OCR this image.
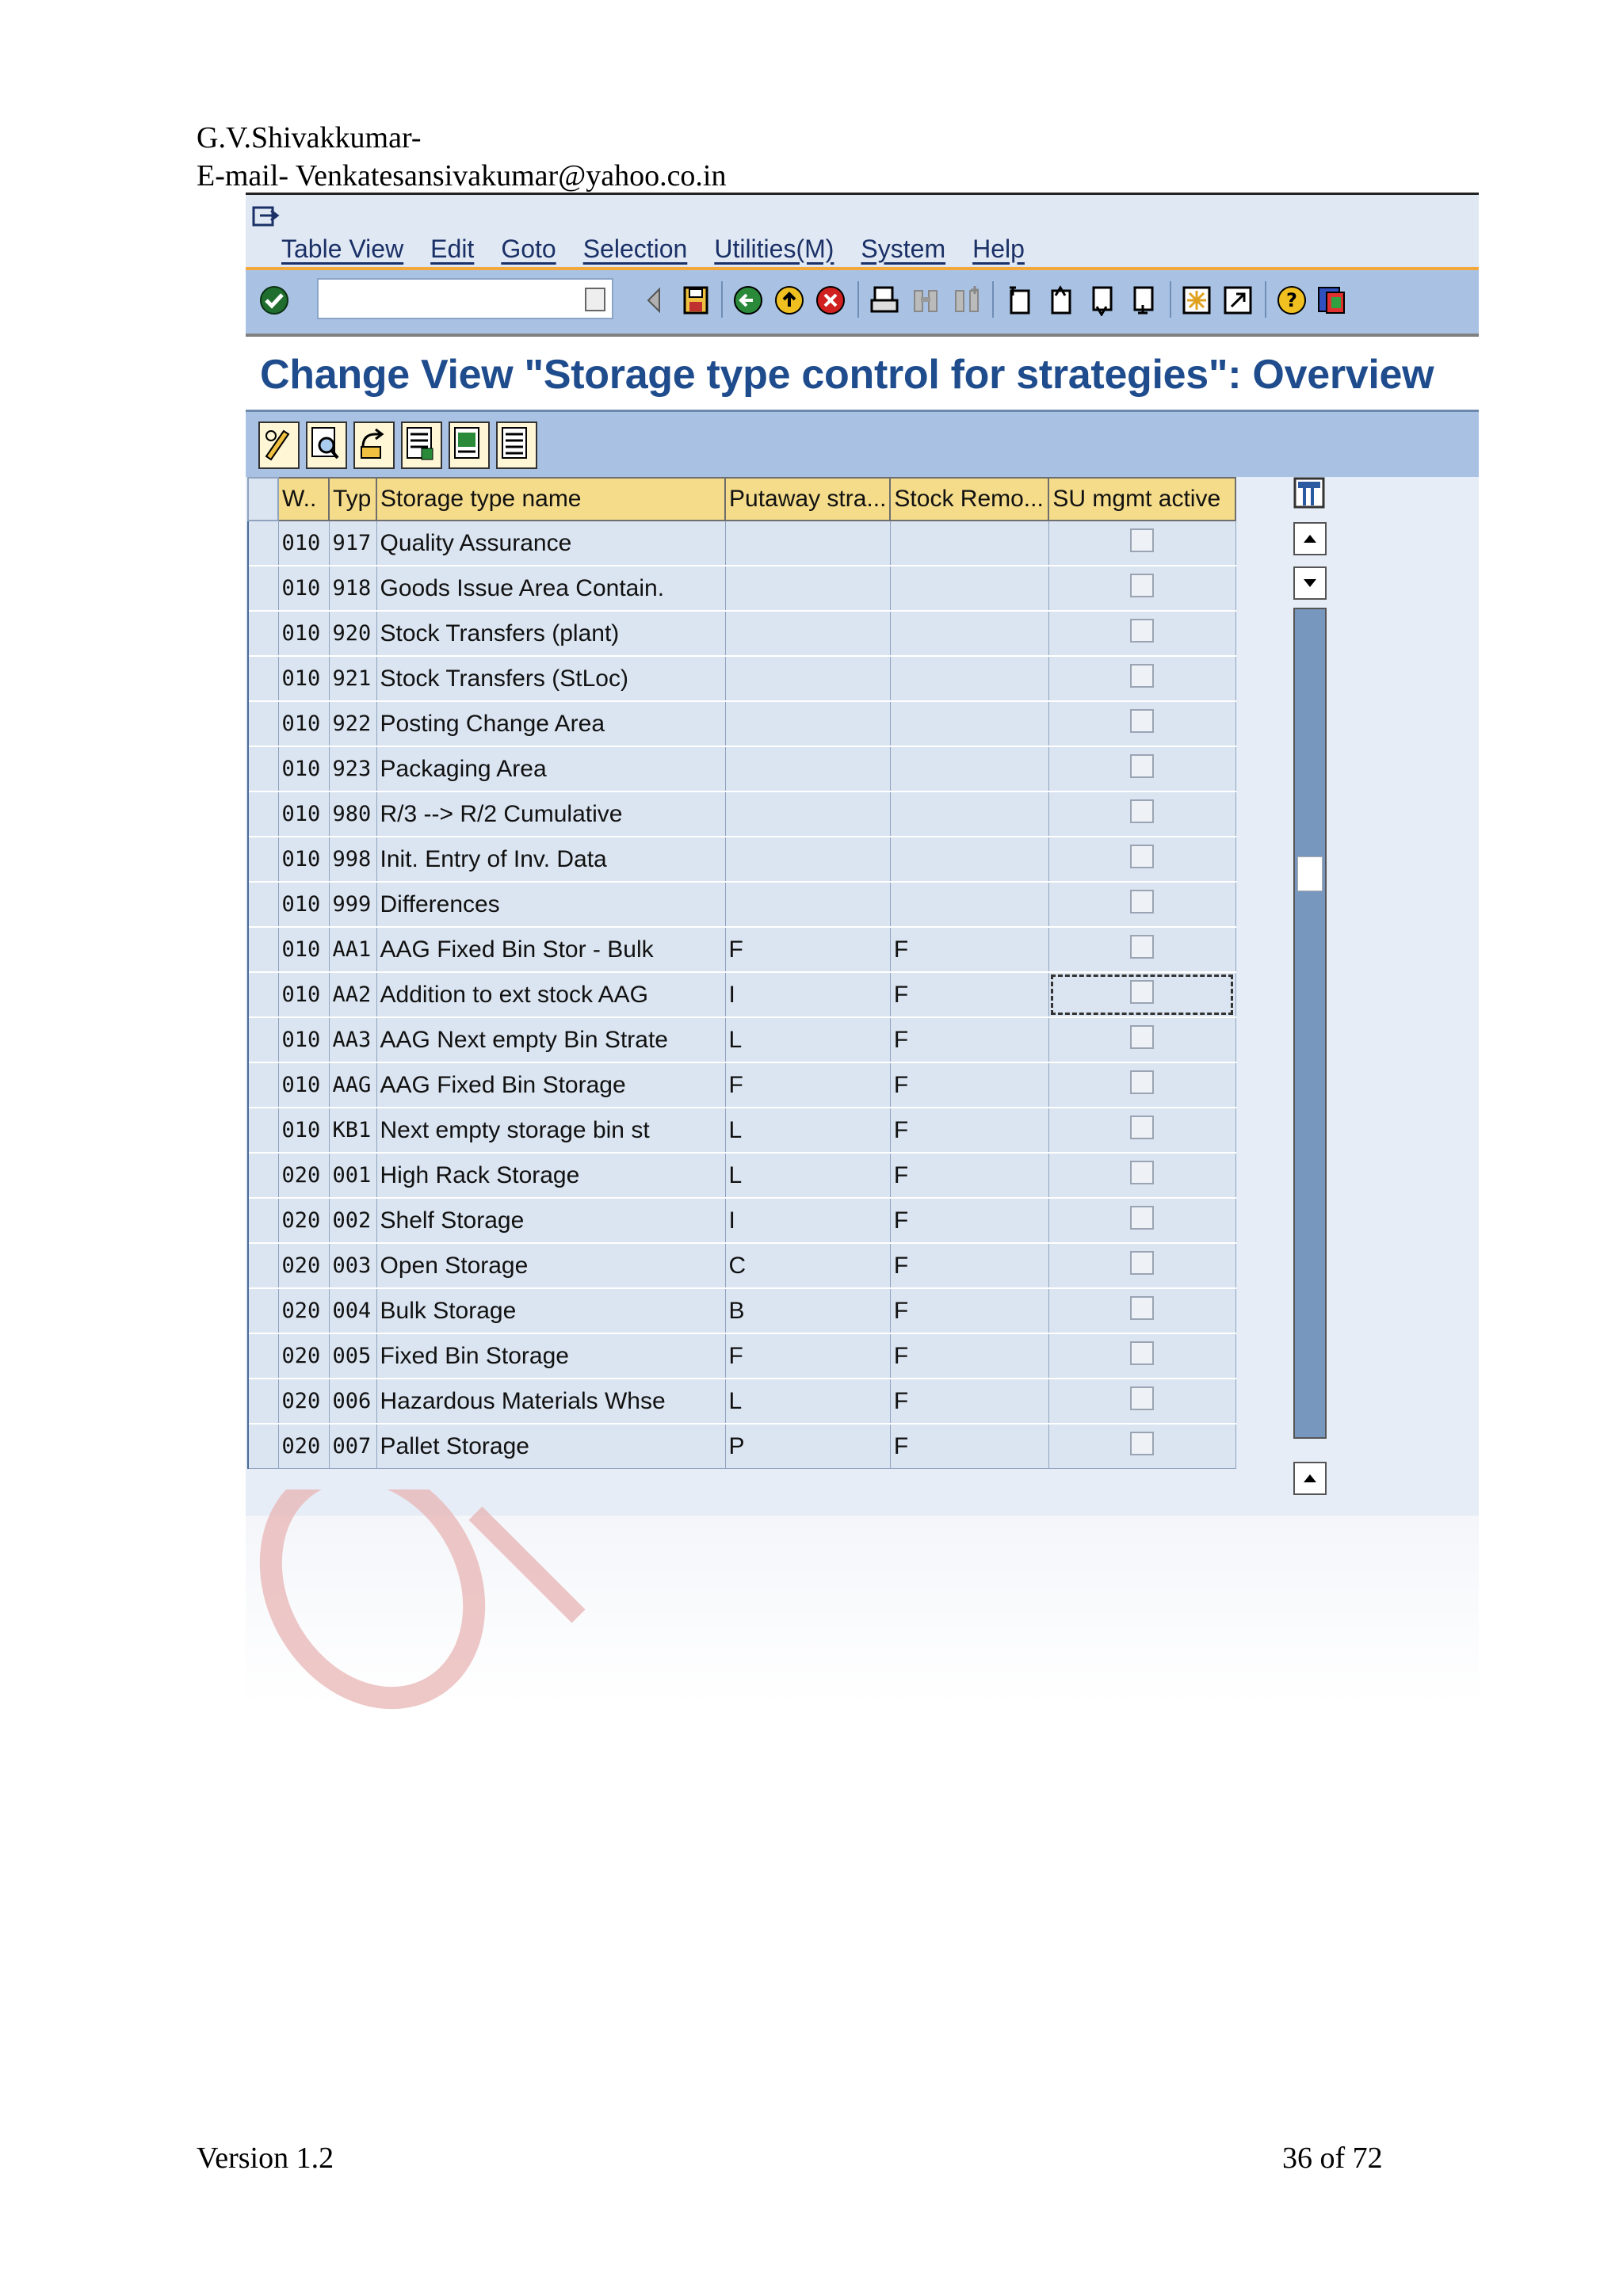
G.V.Shivakkumar-
E-mail- Venkatesansivakumar@yahoo.co.in
Table View Edit Goto Selection Utilities(M) System Help
?
Change View "Storage type control for strategies": Overview
	W..	Typ	Storage type name	Putaway stra...	Stock Remo...	SU mgmt active
	010	917	Quality Assurance			
	010	918	Goods Issue Area Contain.			
	010	920	Stock Transfers (plant)			
	010	921	Stock Transfers (StLoc)			
	010	922	Posting Change Area			
	010	923	Packaging Area			
	010	980	R/3 --> R/2 Cumulative			
	010	998	Init. Entry of Inv. Data			
	010	999	Differences			
	010	AA1	AAG Fixed Bin Stor - Bulk	F	F	
	010	AA2	Addition to ext stock AAG	I	F	
	010	AA3	AAG Next empty Bin Strate	L	F	
	010	AAG	AAG Fixed Bin Storage	F	F	
	010	KB1	Next empty storage bin st	L	F	
	020	001	High Rack Storage	L	F	
	020	002	Shelf Storage	I	F	
	020	003	Open Storage	C	F	
	020	004	Bulk Storage	B	F	
	020	005	Fixed Bin Storage	F	F	
	020	006	Hazardous Materials Whse	L	F	
	020	007	Pallet Storage	P	F	
Version 1.2	36 of 72
